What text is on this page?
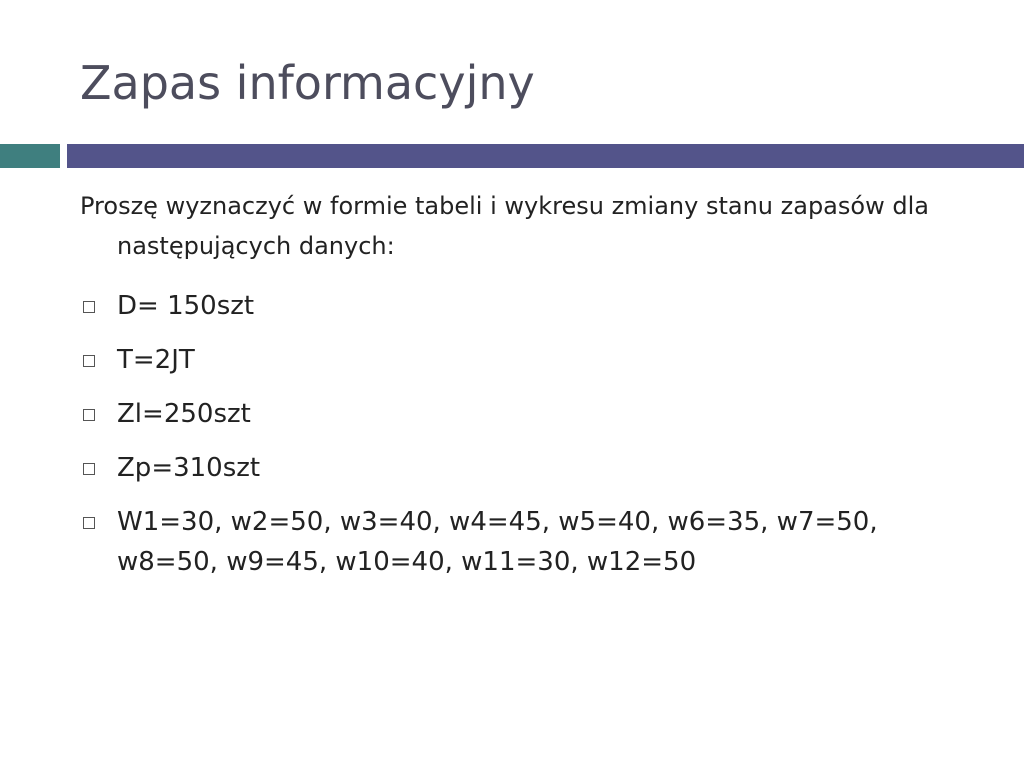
Zapas informacyjny

Proszę wyznaczyć w formie tabeli i wykresu zmiany stanu zapasów dla następujących danych:

D= 150szt
T=2JT
Zl=250szt
Zp=310szt
W1=30, w2=50, w3=40, w4=45, w5=40, w6=35, w7=50, w8=50, w9=45, w10=40, w11=30, w12=50
